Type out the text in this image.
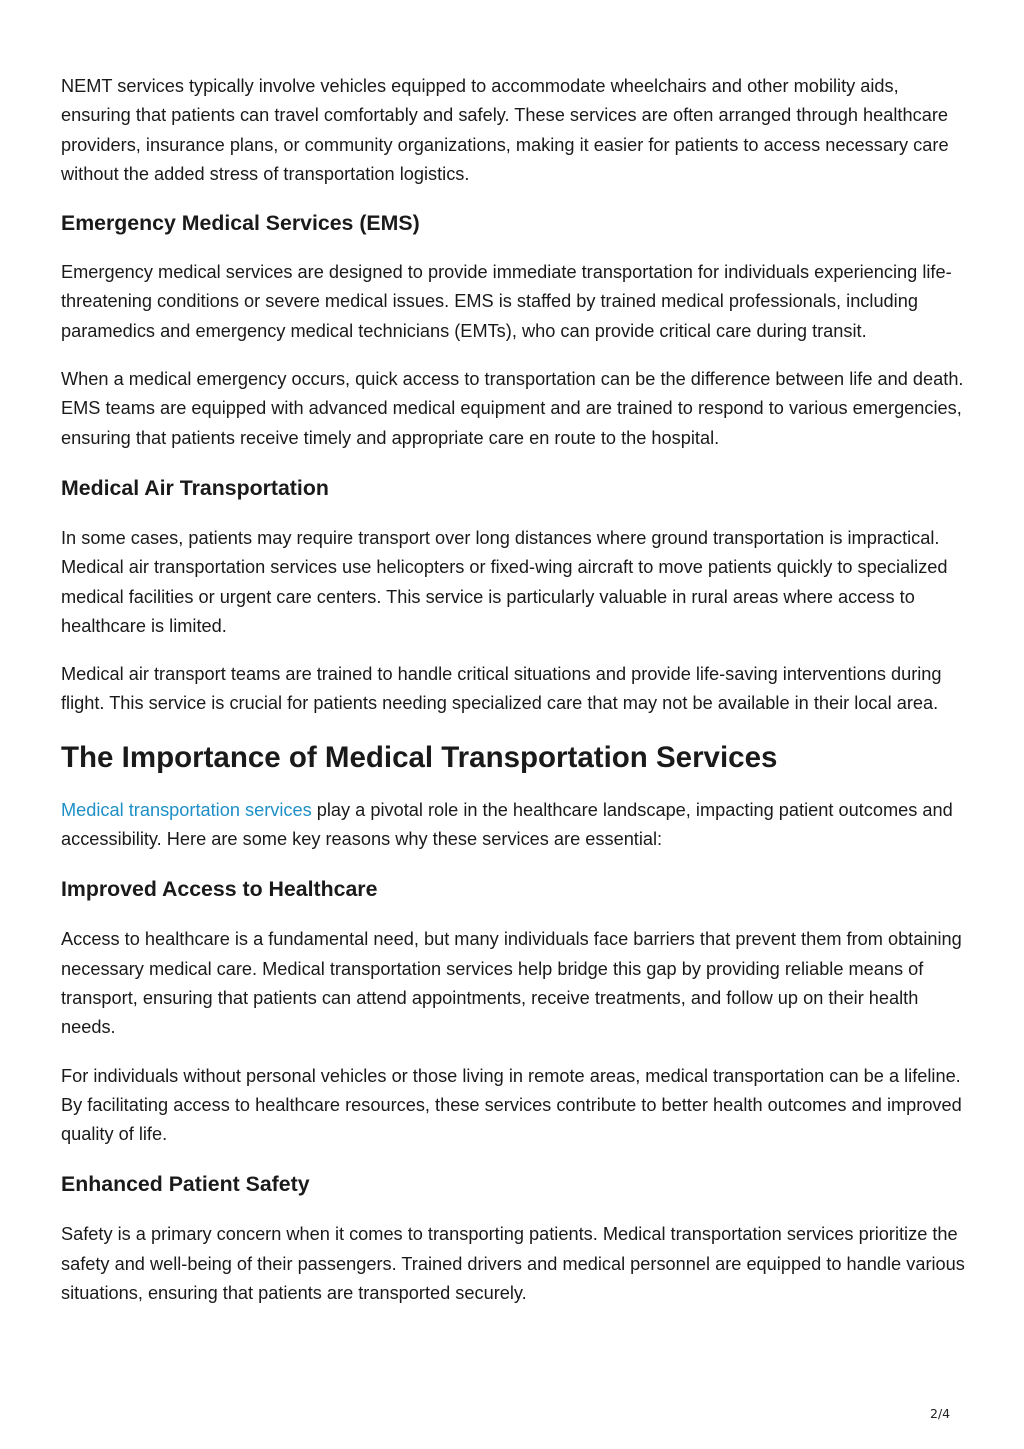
NEMT services typically involve vehicles equipped to accommodate wheelchairs and other mobility aids, ensuring that patients can travel comfortably and safely. These services are often arranged through healthcare providers, insurance plans, or community organizations, making it easier for patients to access necessary care without the added stress of transportation logistics.

Emergency Medical Services (EMS)

Emergency medical services are designed to provide immediate transportation for individuals experiencing life-threatening conditions or severe medical issues. EMS is staffed by trained medical professionals, including paramedics and emergency medical technicians (EMTs), who can provide critical care during transit.

When a medical emergency occurs, quick access to transportation can be the difference between life and death. EMS teams are equipped with advanced medical equipment and are trained to respond to various emergencies, ensuring that patients receive timely and appropriate care en route to the hospital.

Medical Air Transportation

In some cases, patients may require transport over long distances where ground transportation is impractical. Medical air transportation services use helicopters or fixed-wing aircraft to move patients quickly to specialized medical facilities or urgent care centers. This service is particularly valuable in rural areas where access to healthcare is limited.

Medical air transport teams are trained to handle critical situations and provide life-saving interventions during flight. This service is crucial for patients needing specialized care that may not be available in their local area.

The Importance of Medical Transportation Services

Medical transportation services play a pivotal role in the healthcare landscape, impacting patient outcomes and accessibility. Here are some key reasons why these services are essential:

Improved Access to Healthcare

Access to healthcare is a fundamental need, but many individuals face barriers that prevent them from obtaining necessary medical care. Medical transportation services help bridge this gap by providing reliable means of transport, ensuring that patients can attend appointments, receive treatments, and follow up on their health needs.

For individuals without personal vehicles or those living in remote areas, medical transportation can be a lifeline. By facilitating access to healthcare resources, these services contribute to better health outcomes and improved quality of life.

Enhanced Patient Safety

Safety is a primary concern when it comes to transporting patients. Medical transportation services prioritize the safety and well-being of their passengers. Trained drivers and medical personnel are equipped to handle various situations, ensuring that patients are transported securely.

2/4
